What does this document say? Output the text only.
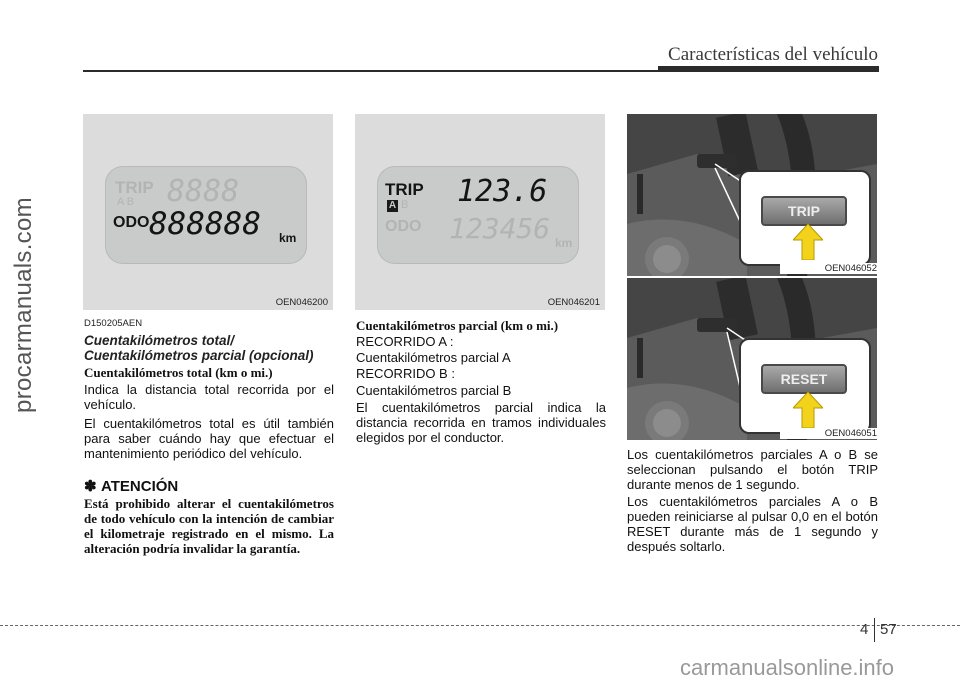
Características del vehículo
procarmanuals.com
TRIP
A B 8888
ODO 888888 km
OEN046200
TRIP
A B 123.6
ODO 123456 km
OEN046201
TRIP
OEN046052
RESET
OEN046051
D150205AEN
Cuentakilómetros total/
Cuentakilómetros parcial (opcional)
Cuentakilómetros total (km o mi.)

Indica la distancia total recorrida por el vehículo.

El cuentakilómetros total es útil también para saber cuándo hay que efectuar el mantenimiento periódico del vehículo.

✽ ATENCIÓN
Está prohibido alterar el cuentakilómetros de todo vehículo con la intención de cambiar el kilometraje registrado en el mismo. La alteración podría invalidar la garantía.
Cuentakilómetros parcial (km o mi.)
RECORRIDO A :
Cuentakilómetros parcial A
RECORRIDO B :
Cuentakilómetros parcial B

El cuentakilómetros parcial indica la distancia recorrida en tramos individuales elegidos por el conductor.

Los cuentakilómetros parciales A o B se seleccionan pulsando el botón TRIP durante menos de 1 segundo.

Los cuentakilómetros parciales A o B pueden reiniciarse al pulsar 0,0 en el botón RESET durante más de 1 segundo y después soltarlo.

4 57
carmanualsonline.info
